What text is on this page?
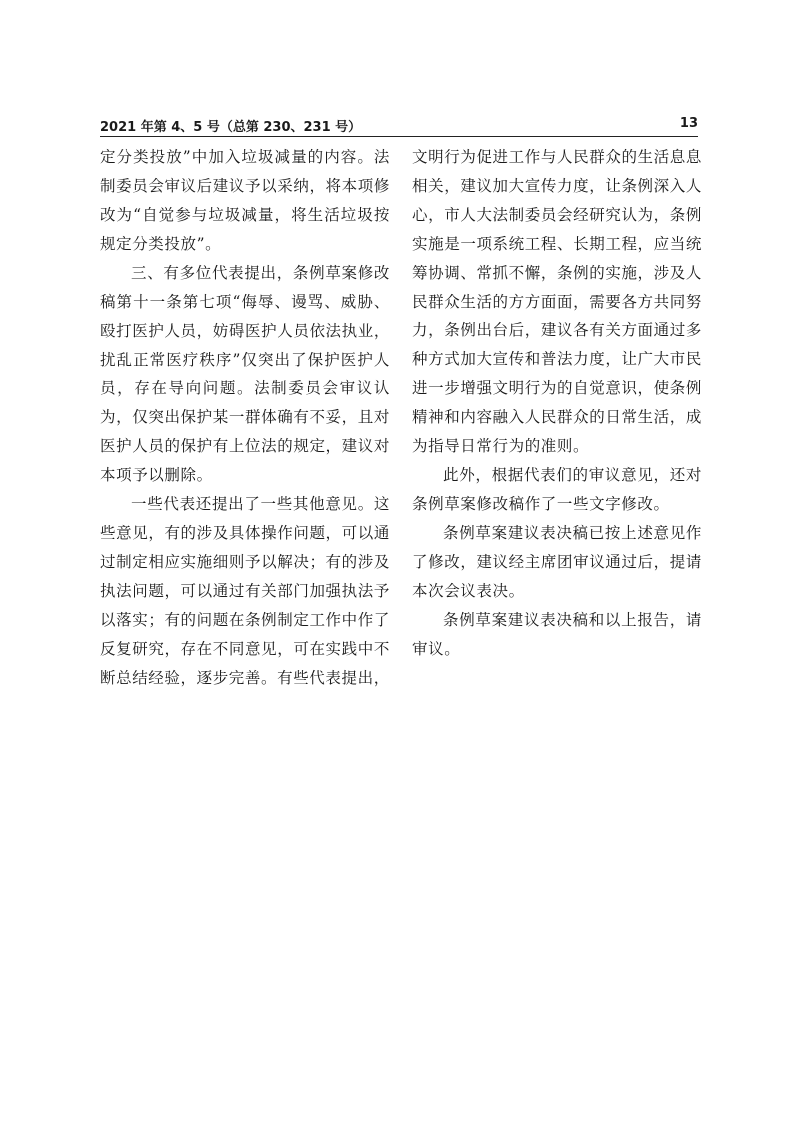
2021 年第 4、5 号（总第 230、231 号）	13

定分类投放”中加入垃圾减量的内容。法制委员会审议后建议予以采纳，将本项修改为“自觉参与垃圾减量，将生活垃圾按规定分类投放”。

三、有多位代表提出，条例草案修改稿第十一条第七项“侮辱、谩骂、威胁、殴打医护人员，妨碍医护人员依法执业，扰乱正常医疗秩序”仅突出了保护医护人员，存在导向问题。法制委员会审议认为，仅突出保护某一群体确有不妥，且对医护人员的保护有上位法的规定，建议对本项予以删除。

一些代表还提出了一些其他意见。这些意见，有的涉及具体操作问题，可以通过制定相应实施细则予以解决；有的涉及执法问题，可以通过有关部门加强执法予以落实；有的问题在条例制定工作中作了反复研究，存在不同意见，可在实践中不断总结经验，逐步完善。有些代表提出，

文明行为促进工作与人民群众的生活息息相关，建议加大宣传力度，让条例深入人心，市人大法制委员会经研究认为，条例实施是一项系统工程、长期工程，应当统筹协调、常抓不懈，条例的实施，涉及人民群众生活的方方面面，需要各方共同努力，条例出台后，建议各有关方面通过多种方式加大宣传和普法力度，让广大市民进一步增强文明行为的自觉意识，使条例精神和内容融入人民群众的日常生活，成为指导日常行为的准则。

此外，根据代表们的审议意见，还对条例草案修改稿作了一些文字修改。

条例草案建议表决稿已按上述意见作了修改，建议经主席团审议通过后，提请本次会议表决。

条例草案建议表决稿和以上报告，请审议。
